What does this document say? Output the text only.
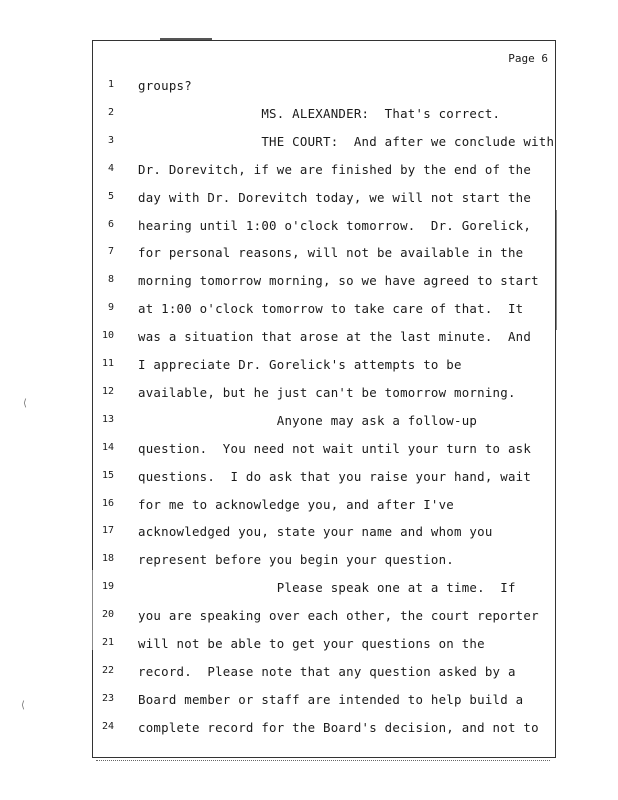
Page 6
1 groups?
2 MS. ALEXANDER:  That's correct.
3 THE COURT:  And after we conclude with
4 Dr. Dorevitch, if we are finished by the end of the
5 day with Dr. Dorevitch today, we will not start the
6 hearing until 1:00 o'clock tomorrow.  Dr. Gorelick,
7 for personal reasons, will not be available in the
8 morning tomorrow morning, so we have agreed to start
9 at 1:00 o'clock tomorrow to take care of that.  It
10 was a situation that arose at the last minute.  And
11 I appreciate Dr. Gorelick's attempts to be
12 available, but he just can't be tomorrow morning.
13 Anyone may ask a follow-up
14 question.  You need not wait until your turn to ask
15 questions.  I do ask that you raise your hand, wait
16 for me to acknowledge you, and after I've
17 acknowledged you, state your name and whom you
18 represent before you begin your question.
19 Please speak one at a time.  If
20 you are speaking over each other, the court reporter
21 will not be able to get your questions on the
22 record.  Please note that any question asked by a
23 Board member or staff are intended to help build a
24 complete record for the Board's decision, and not to
⟨
⟨
